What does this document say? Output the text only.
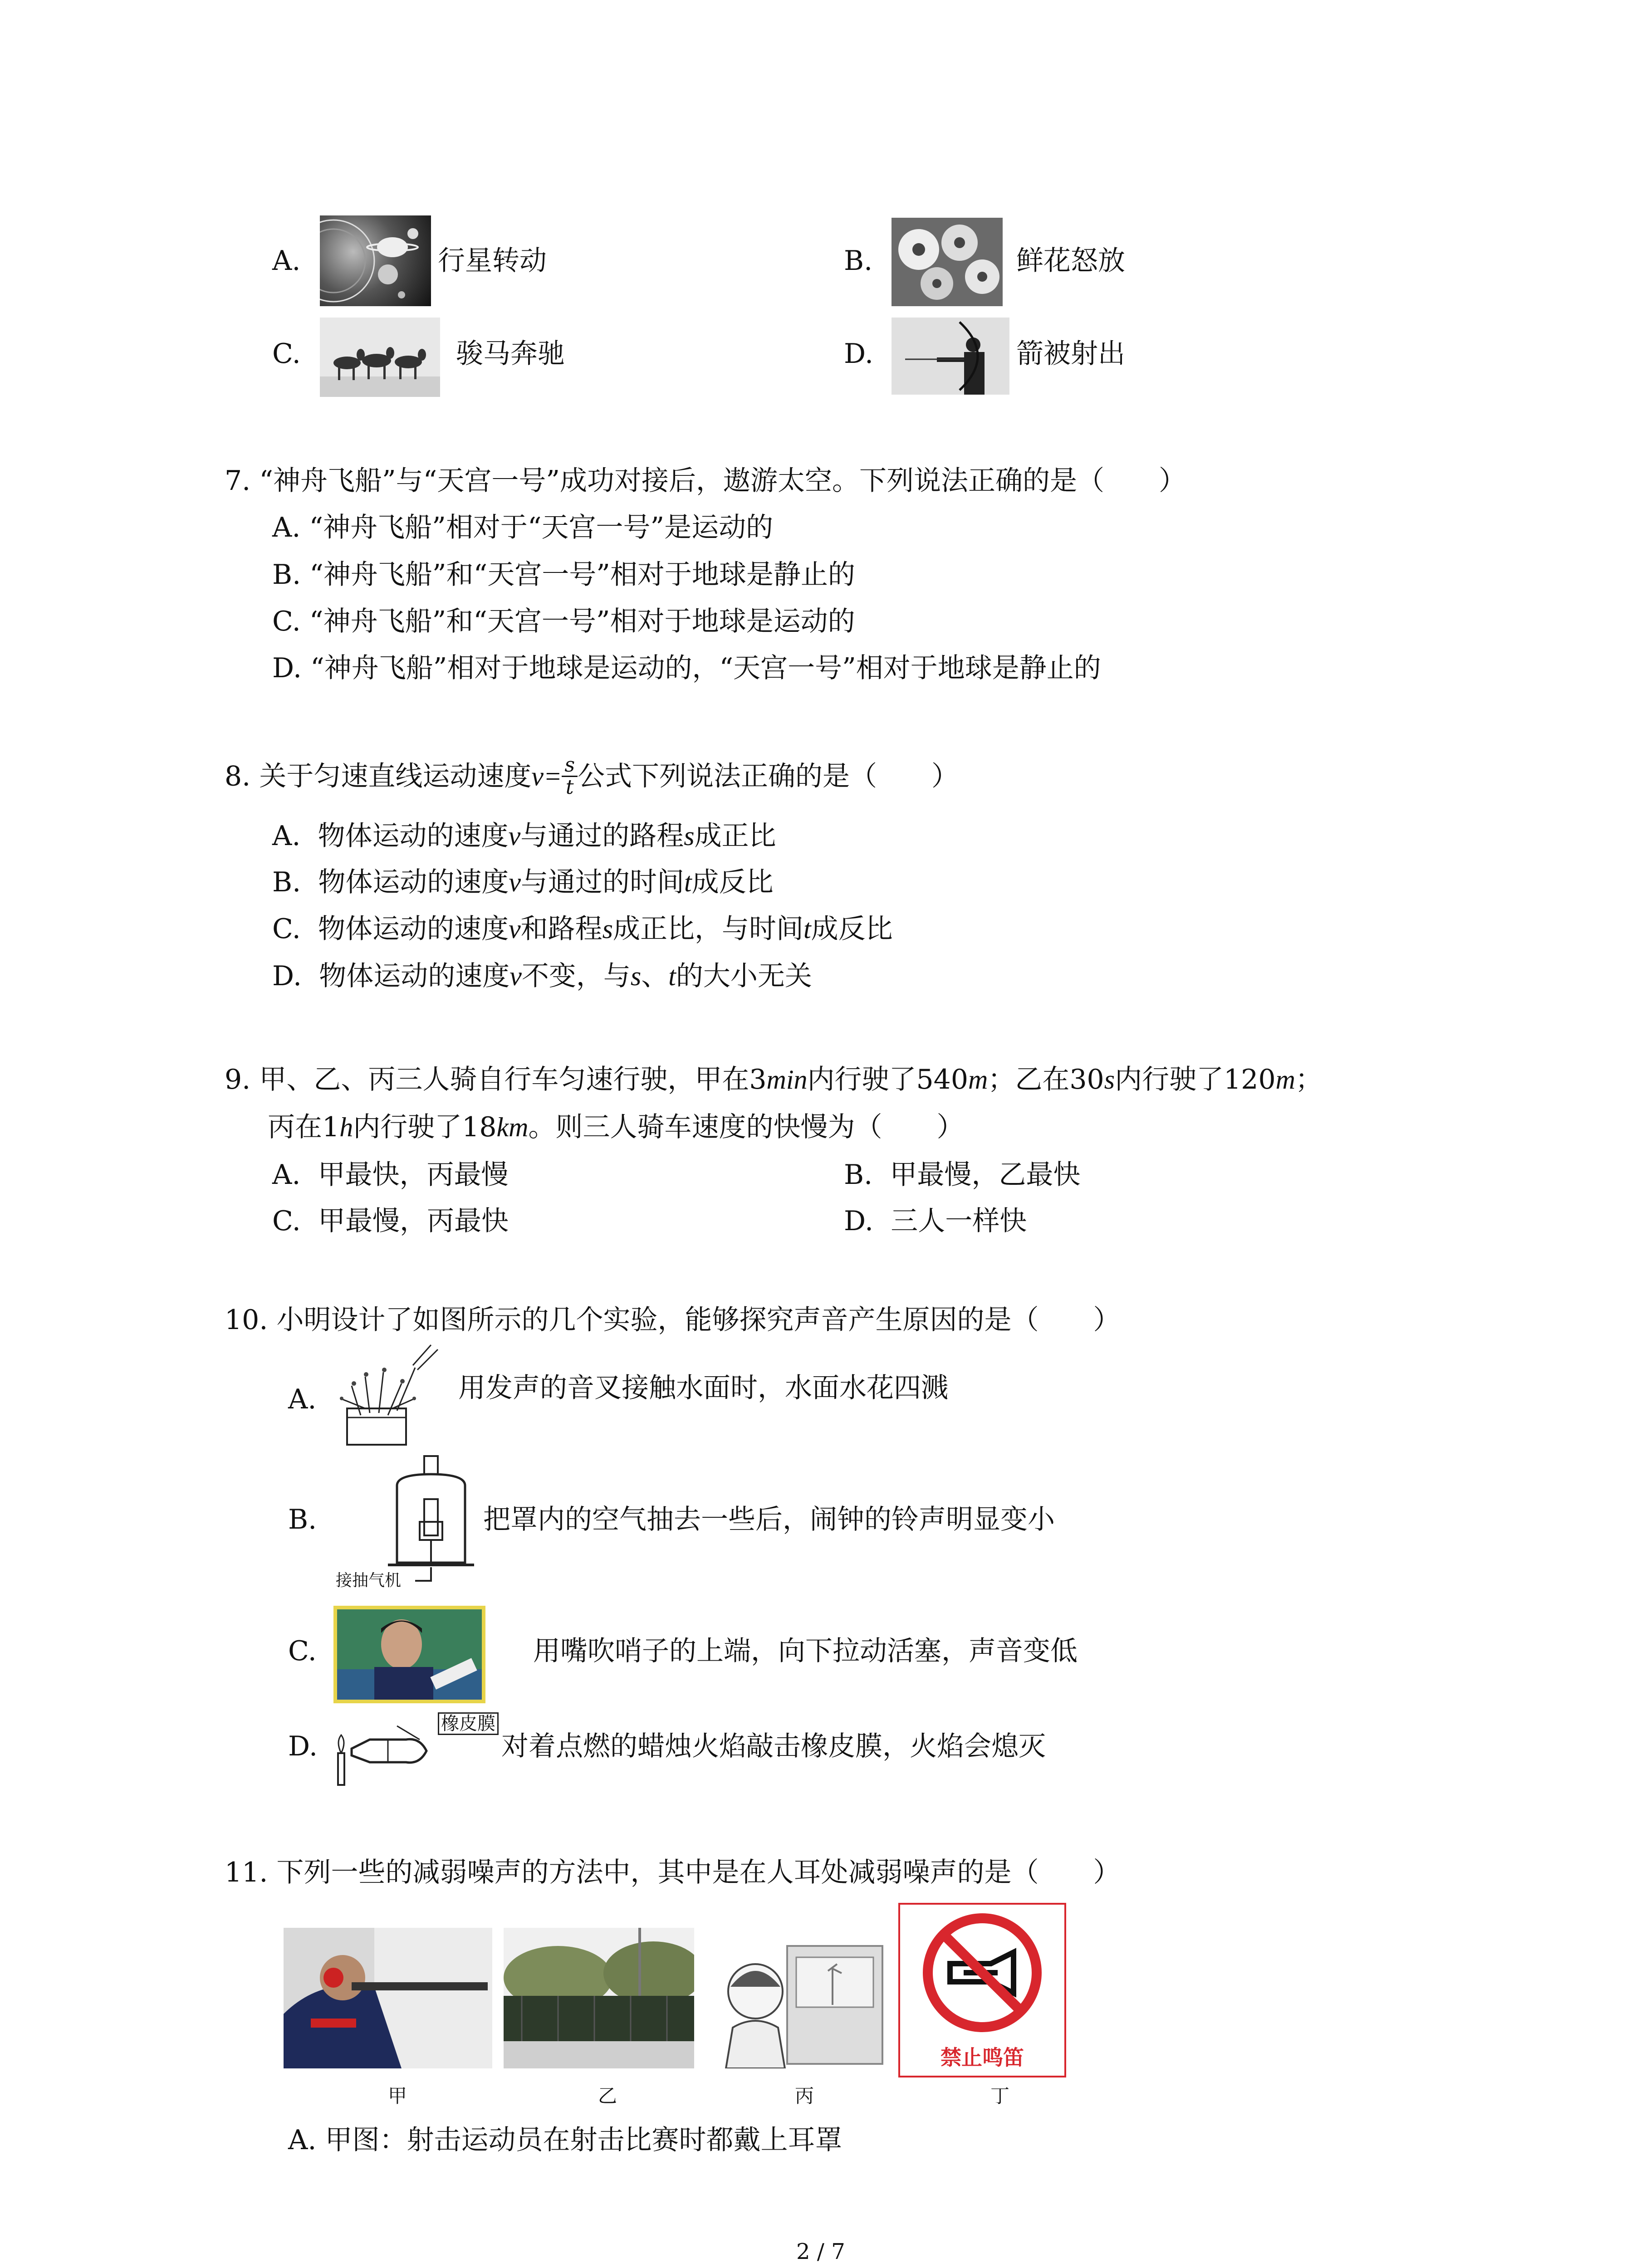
A.	行星转动	B.	鲜花怒放
C.	骏马奔驰	D.	箭被射出
7. “神舟飞船”与“天宫一号”成功对接后，遨游太空。下列说法正确的是（　　）
A. “神舟飞船”相对于“天宫一号”是运动的
B. “神舟飞船”和“天宫一号”相对于地球是静止的
C. “神舟飞船”和“天宫一号”相对于地球是运动的
D. “神舟飞船”相对于地球是运动的，“天宫一号”相对于地球是静止的
8. 关于匀速直线运动速度$v= \frac{s}{t}$ 公式下列说法正确的是（　　）
A. 物体运动的速度v与通过的路程s成正比
B. 物体运动的速度v与通过的时间t成反比
C. 物体运动的速度v和路程s成正比，与时间t成反比
D. 物体运动的速度v不变，与s、t的大小无关
9. 甲、乙、丙三人骑自行车匀速行驶，甲在3min内行驶了540m；乙在30s内行驶了120m；
丙在1h内行驶了18km。则三人骑车速度的快慢为（　　）
A. 甲最快，丙最慢	B. 甲最慢，乙最快
C. 甲最慢，丙最快	D. 三人一样快
10. 小明设计了如图所示的几个实验，能够探究声音产生原因的是（　　）
A.	用发声的音叉接触水面时，水面水花四溅
B.
接抽气机
把罩内的空气抽去一些后，闹钟的铃声明显变小
C.	用嘴吹哨子的上端，向下拉动活塞，声音变低
D.
橡皮膜
对着点燃的蜡烛火焰敲击橡皮膜，火焰会熄灭
11. 下列一些的减弱噪声的方法中，其中是在人耳处减弱噪声的是（　　）
禁止鸣笛
甲	乙	丙	丁
A. 甲图：射击运动员在射击比赛时都戴上耳罩
2 / 7
